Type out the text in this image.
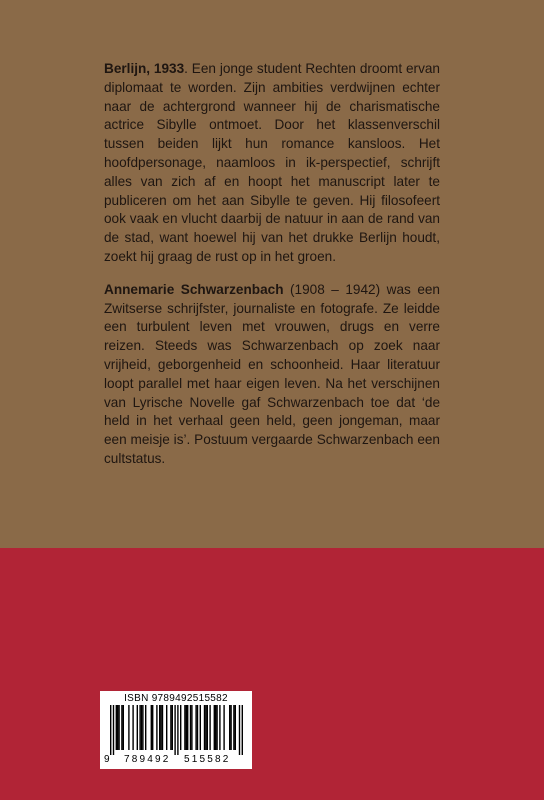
Berlijn, 1933. Een jonge student Rechten droomt ervan diplomaat te worden. Zijn ambities verdwijnen echter naar de achtergrond wanneer hij de charismatische actrice Sibylle ontmoet. Door het klassenverschil tussen beiden lijkt hun romance kansloos. Het hoofdpersonage, naamloos in ik-perspectief, schrijft alles van zich af en hoopt het manuscript later te publiceren om het aan Sibylle te geven. Hij filosofeert ook vaak en vlucht daarbij de natuur in aan de rand van de stad, want hoewel hij van het drukke Berlijn houdt, zoekt hij graag de rust op in het groen.

Annemarie Schwarzenbach (1908 – 1942) was een Zwitserse schrijfster, journaliste en fotografe. Ze leidde een turbulent leven met vrouwen, drugs en verre reizen. Steeds was Schwarzenbach op zoek naar vrijheid, geborgenheid en schoonheid. Haar literatuur loopt parallel met haar eigen leven. Na het verschijnen van Lyrische Novelle gaf Schwarzenbach toe dat ‘de held in het verhaal geen held, geen jongeman, maar een meisje is’. Postuum vergaarde Schwarzenbach een cultstatus.

ISBN 9789492515582
9 789492 515582
